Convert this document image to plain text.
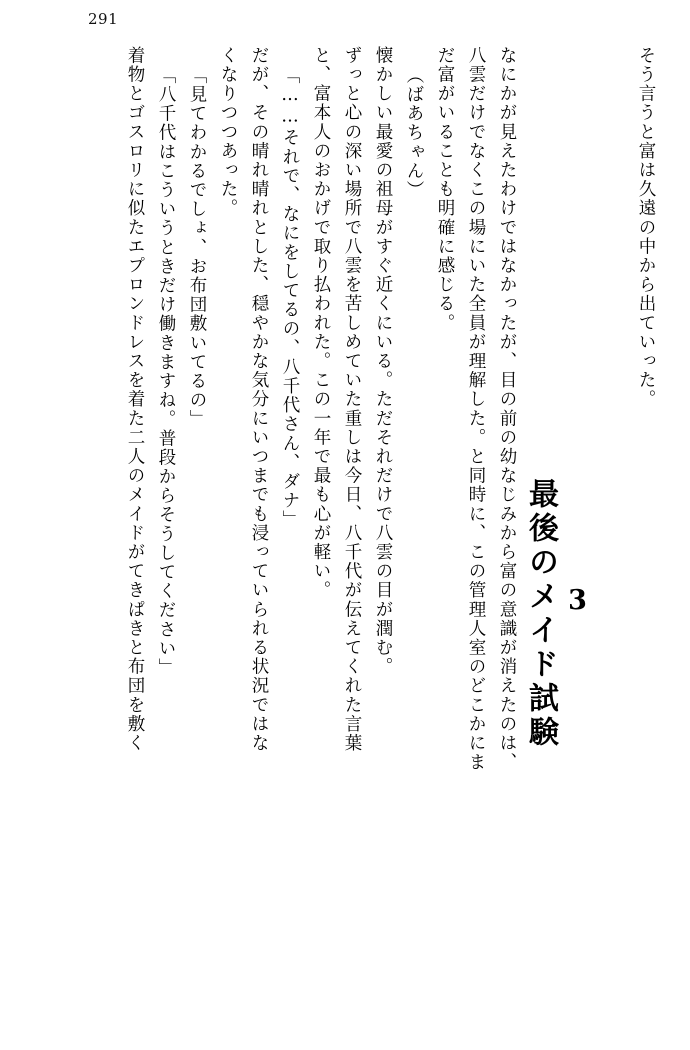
291
そう言うと富は久遠の中から出ていった。
3
最後のメイド試験
なにかが見えたわけではなかったが、目の前の幼なじみから富の意識が消えたのは、
八雲だけでなくこの場にいた全員が理解した。と同時に、この管理人室のどこかにま
だ富がいることも明確に感じる。
（ばあちゃん）
懐かしい最愛の祖母がすぐ近くにいる。ただそれだけで八雲の目が潤む。
ずっと心の深い場所で八雲を苦しめていた重しは今日、八千代が伝えてくれた言葉
と、富本人のおかげで取り払われた。この一年で最も心が軽い。
「……それで、なにをしてるの、八千代さん、ダナ」
だが、その晴れ晴れとした、穏やかな気分にいつまでも浸っていられる状況ではな
くなりつつあった。
「見てわかるでしょ、お布団敷いてるの」
「八千代はこういうときだけ働きますね。普段からそうしてください」
着物とゴスロリに似たエプロンドレスを着た二人のメイドがてきぱきと布団を敷く
